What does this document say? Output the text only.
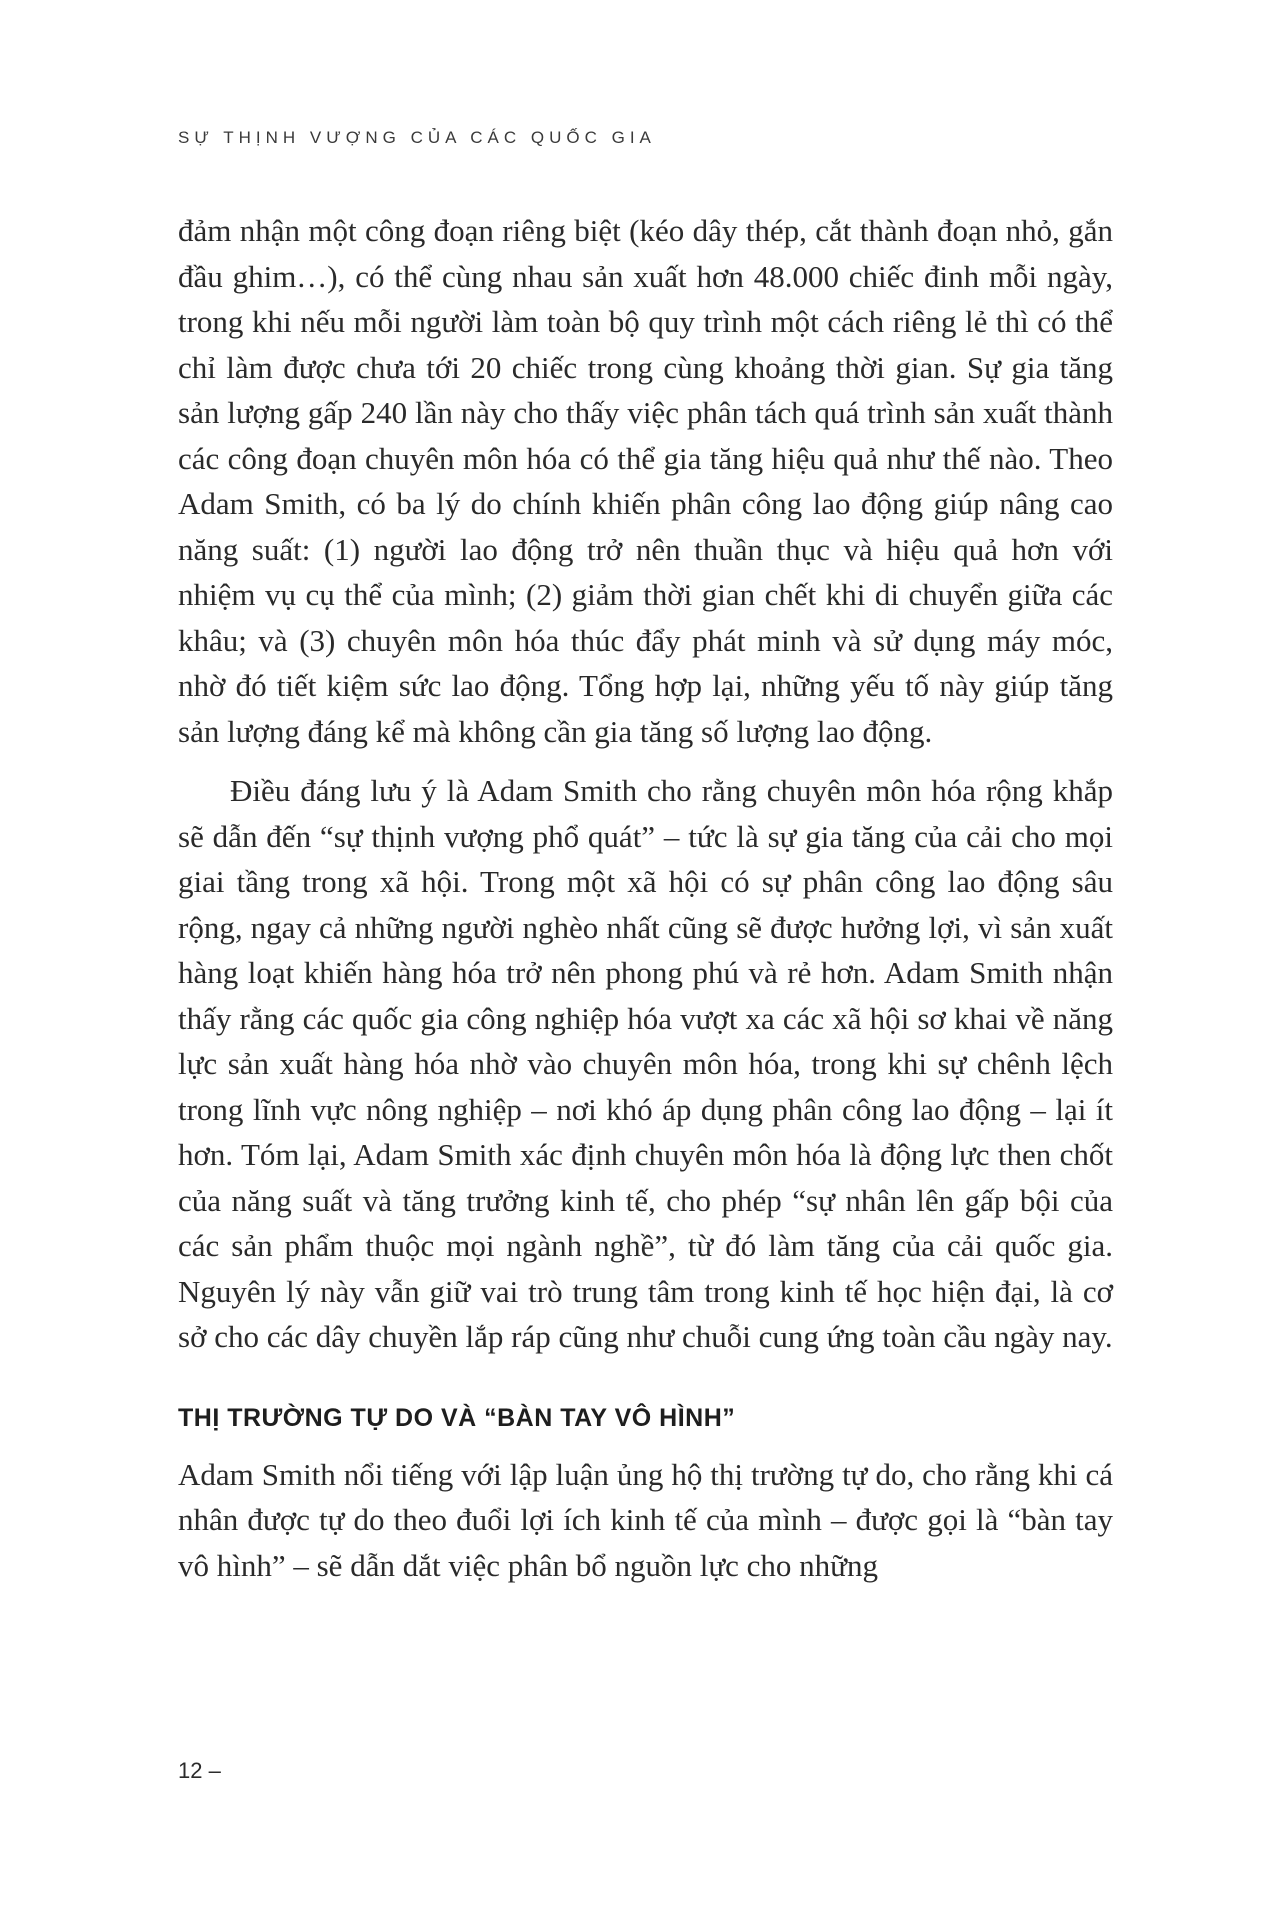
SỰ THỊNH VƯỢNG CỦA CÁC QUỐC GIA

đảm nhận một công đoạn riêng biệt (kéo dây thép, cắt thành đoạn nhỏ, gắn đầu ghim…), có thể cùng nhau sản xuất hơn 48.000 chiếc đinh mỗi ngày, trong khi nếu mỗi người làm toàn bộ quy trình một cách riêng lẻ thì có thể chỉ làm được chưa tới 20 chiếc trong cùng khoảng thời gian. Sự gia tăng sản lượng gấp 240 lần này cho thấy việc phân tách quá trình sản xuất thành các công đoạn chuyên môn hóa có thể gia tăng hiệu quả như thế nào. Theo Adam Smith, có ba lý do chính khiến phân công lao động giúp nâng cao năng suất: (1) người lao động trở nên thuần thục và hiệu quả hơn với nhiệm vụ cụ thể của mình; (2) giảm thời gian chết khi di chuyển giữa các khâu; và (3) chuyên môn hóa thúc đẩy phát minh và sử dụng máy móc, nhờ đó tiết kiệm sức lao động. Tổng hợp lại, những yếu tố này giúp tăng sản lượng đáng kể mà không cần gia tăng số lượng lao động.

Điều đáng lưu ý là Adam Smith cho rằng chuyên môn hóa rộng khắp sẽ dẫn đến “sự thịnh vượng phổ quát” – tức là sự gia tăng của cải cho mọi giai tầng trong xã hội. Trong một xã hội có sự phân công lao động sâu rộng, ngay cả những người nghèo nhất cũng sẽ được hưởng lợi, vì sản xuất hàng loạt khiến hàng hóa trở nên phong phú và rẻ hơn. Adam Smith nhận thấy rằng các quốc gia công nghiệp hóa vượt xa các xã hội sơ khai về năng lực sản xuất hàng hóa nhờ vào chuyên môn hóa, trong khi sự chênh lệch trong lĩnh vực nông nghiệp – nơi khó áp dụng phân công lao động – lại ít hơn. Tóm lại, Adam Smith xác định chuyên môn hóa là động lực then chốt của năng suất và tăng trưởng kinh tế, cho phép “sự nhân lên gấp bội của các sản phẩm thuộc mọi ngành nghề”, từ đó làm tăng của cải quốc gia. Nguyên lý này vẫn giữ vai trò trung tâm trong kinh tế học hiện đại, là cơ sở cho các dây chuyền lắp ráp cũng như chuỗi cung ứng toàn cầu ngày nay.

THỊ TRƯỜNG TỰ DO VÀ “BÀN TAY VÔ HÌNH”

Adam Smith nổi tiếng với lập luận ủng hộ thị trường tự do, cho rằng khi cá nhân được tự do theo đuổi lợi ích kinh tế của mình – được gọi là “bàn tay vô hình” – sẽ dẫn dắt việc phân bổ nguồn lực cho những

12 –
